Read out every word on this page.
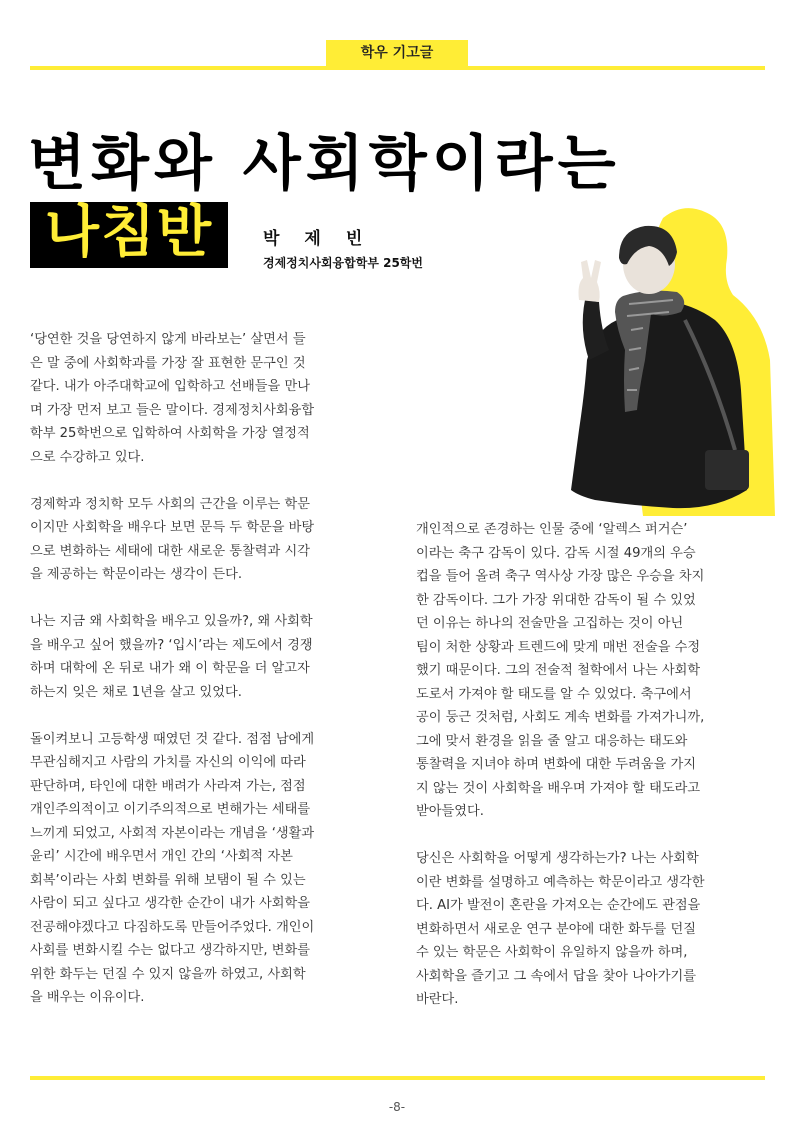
학우 기고글
변화와 사회학이라는
나침반	박제빈
경제정치사회융합학부 25학번

‘당연한 것을 당연하지 않게 바라보는’ 살면서 들
은 말 중에 사회학과를 가장 잘 표현한 문구인 것
같다. 내가 아주대학교에 입학하고 선배들을 만나
며 가장 먼저 보고 들은 말이다. 경제정치사회융합
학부 25학번으로 입학하여 사회학을 가장 열정적
으로 수강하고 있다.

경제학과 정치학 모두 사회의 근간을 이루는 학문
이지만 사회학을 배우다 보면 문득 두 학문을 바탕
으로 변화하는 세태에 대한 새로운 통찰력과 시각
을 제공하는 학문이라는 생각이 든다.

나는 지금 왜 사회학을 배우고 있을까?, 왜 사회학
을 배우고 싶어 했을까? ‘입시’라는 제도에서 경쟁
하며 대학에 온 뒤로 내가 왜 이 학문을 더 알고자
하는지 잊은 채로 1년을 살고 있었다.

돌이켜보니 고등학생 때였던 것 같다. 점점 남에게
무관심해지고 사람의 가치를 자신의 이익에 따라
판단하며, 타인에 대한 배려가 사라져 가는, 점점
개인주의적이고 이기주의적으로 변해가는 세태를
느끼게 되었고, 사회적 자본이라는 개념을 ‘생활과
윤리’ 시간에 배우면서 개인 간의 ‘사회적 자본
회복’이라는 사회 변화를 위해 보탬이 될 수 있는
사람이 되고 싶다고 생각한 순간이 내가 사회학을
전공해야겠다고 다짐하도록 만들어주었다. 개인이
사회를 변화시킬 수는 없다고 생각하지만, 변화를
위한 화두는 던질 수 있지 않을까 하였고, 사회학
을 배우는 이유이다.

개인적으로 존경하는 인물 중에 ‘알렉스 퍼거슨’
이라는 축구 감독이 있다. 감독 시절 49개의 우승
컵을 들어 올려 축구 역사상 가장 많은 우승을 차지
한 감독이다. 그가 가장 위대한 감독이 될 수 있었
던 이유는 하나의 전술만을 고집하는 것이 아닌
팀이 처한 상황과 트렌드에 맞게 매번 전술을 수정
했기 때문이다. 그의 전술적 철학에서 나는 사회학
도로서 가져야 할 태도를 알 수 있었다. 축구에서
공이 둥근 것처럼, 사회도 계속 변화를 가져가니까,
그에 맞서 환경을 읽을 줄 알고 대응하는 태도와
통찰력을 지녀야 하며 변화에 대한 두려움을 가지
지 않는 것이 사회학을 배우며 가져야 할 태도라고
받아들였다.

당신은 사회학을 어떻게 생각하는가? 나는 사회학
이란 변화를 설명하고 예측하는 학문이라고 생각한
다. AI가 발전이 혼란을 가져오는 순간에도 관점을
변화하면서 새로운 연구 분야에 대한 화두를 던질
수 있는 학문은 사회학이 유일하지 않을까 하며,
사회학을 즐기고 그 속에서 답을 찾아 나아가기를
바란다.

-8-
